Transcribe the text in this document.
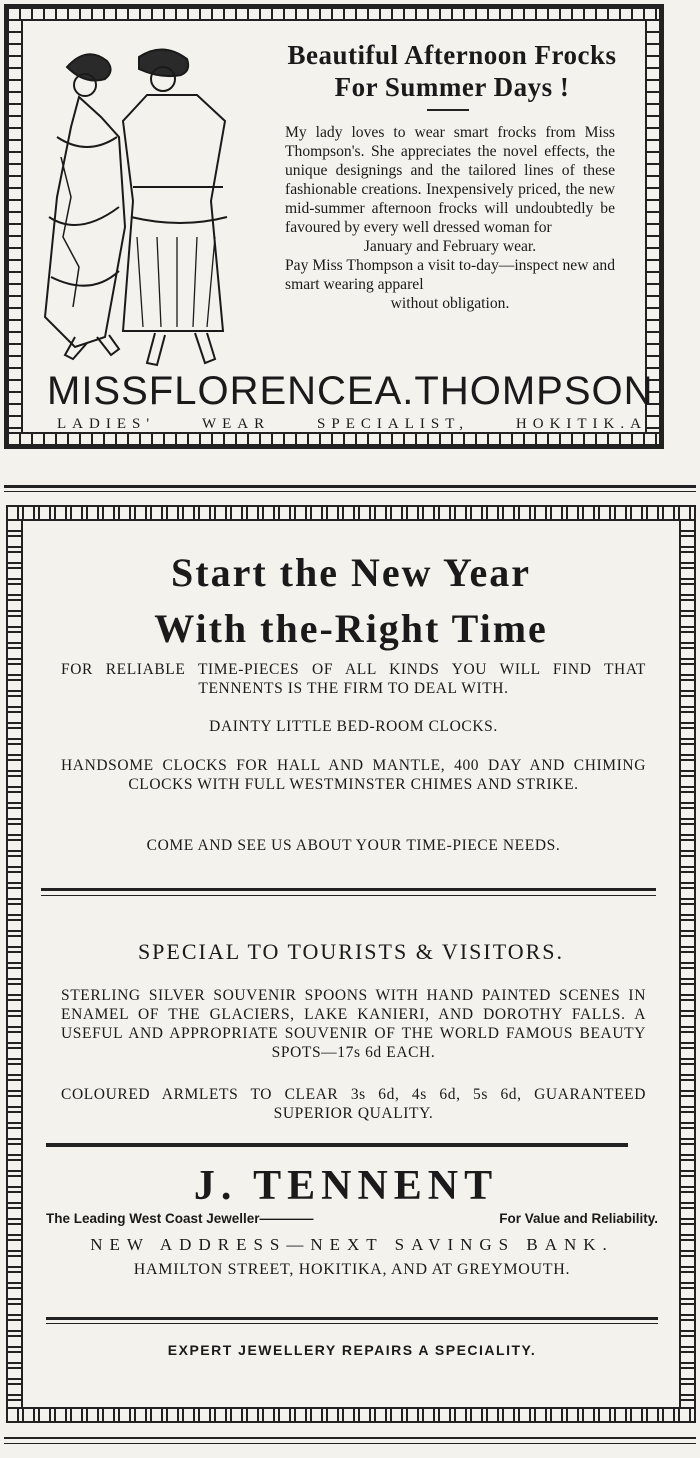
Beautiful Afternoon Frocks
For Summer Days !

My lady loves to wear smart frocks from Miss Thompson's. She appreciates the novel effects, the unique designings and the tailored lines of these fashionable creations. Inexpensively priced, the new mid-summer afternoon frocks will undoubtedly be favoured by every well dressed woman for

January and February wear.

Pay Miss Thompson a visit to-day—inspect new and smart wearing apparel

without obligation.

MISS FLORENCE A. THOMPSON
LADIES'	WEAR	SPECIALIST,	HOKITIK.A
Start the New Year
With the-Right Time
FOR RELIABLE TIME-PIECES OF ALL KINDS YOU WILL FIND THAT TENNENTS IS THE FIRM TO DEAL WITH.
DAINTY LITTLE BED-ROOM CLOCKS.
HANDSOME CLOCKS FOR HALL AND MANTLE, 400 DAY AND CHIMING CLOCKS WITH FULL WESTMINSTER CHIMES AND STRIKE.
COME AND SEE US ABOUT YOUR TIME-PIECE NEEDS.
SPECIAL TO TOURISTS & VISITORS.
STERLING SILVER SOUVENIR SPOONS WITH HAND PAINTED SCENES IN ENAMEL OF THE GLACIERS, LAKE KANIERI, AND DOROTHY FALLS. A USEFUL AND APPROPRIATE SOUVENIR OF THE WORLD FAMOUS BEAUTY SPOTS—17s 6d EACH.
COLOURED ARMLETS TO CLEAR 3s 6d, 4s 6d, 5s 6d, GUARANTEED SUPERIOR QUALITY.
J. TENNENT
The Leading West Coast Jeweller————	For Value and Reliability.
NEW ADDRESS—NEXT SAVINGS BANK.
HAMILTON STREET, HOKITIKA, AND AT GREYMOUTH.
EXPERT JEWELLERY REPAIRS A SPECIALITY.
